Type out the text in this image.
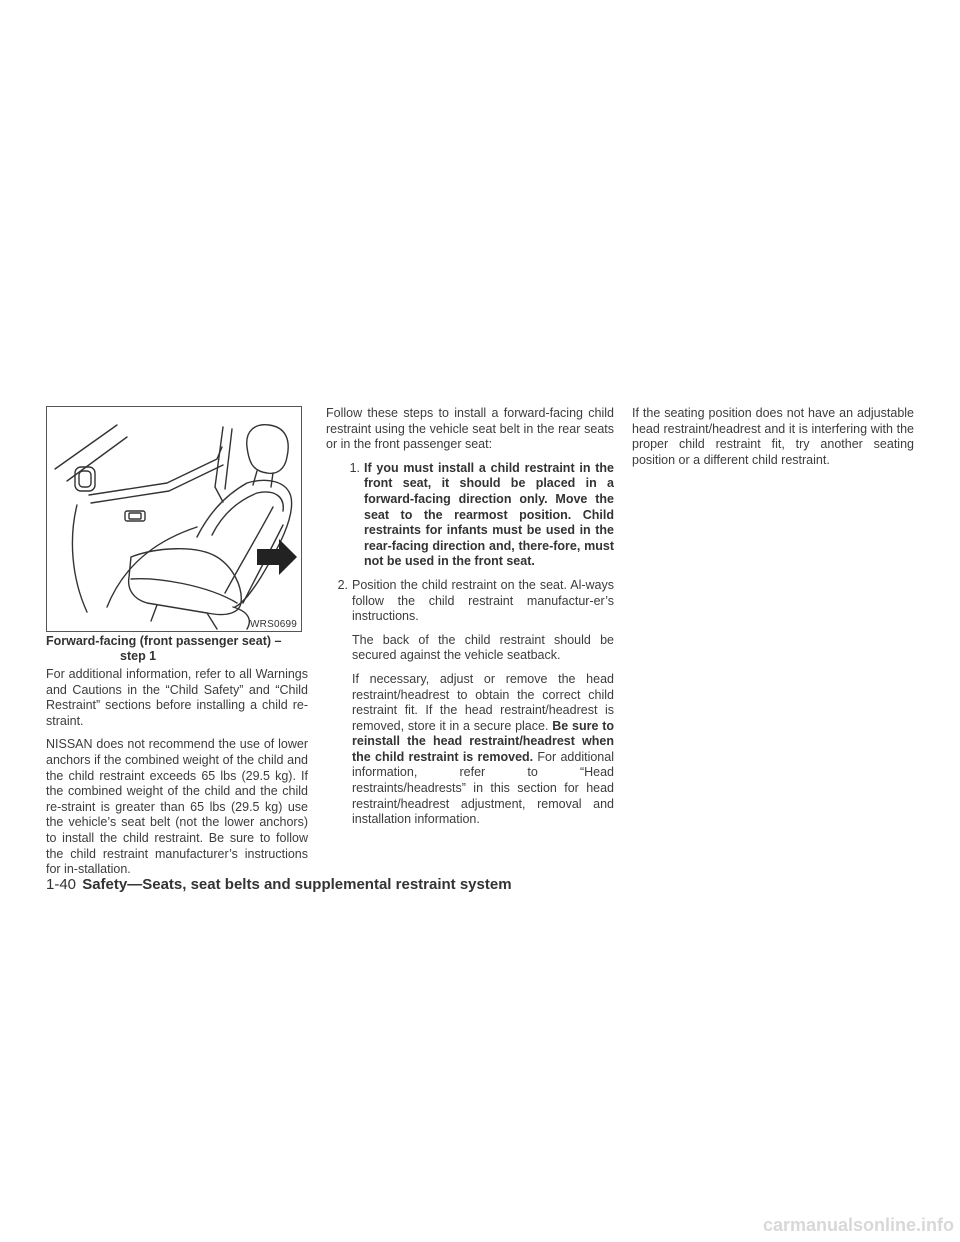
WRS0699
Forward-facing (front passenger seat) –
step 1

For additional information, refer to all Warnings and Cautions in the “Child Safety” and “Child Restraint” sections before installing a child re-straint.

NISSAN does not recommend the use of lower anchors if the combined weight of the child and the child restraint exceeds 65 lbs (29.5 kg). If the combined weight of the child and the child re-straint is greater than 65 lbs (29.5 kg) use the vehicle’s seat belt (not the lower anchors) to install the child restraint. Be sure to follow the child restraint manufacturer’s instructions for in-stallation.

Follow these steps to install a forward-facing child restraint using the vehicle seat belt in the rear seats or in the front passenger seat:

1. If you must install a child restraint in the front seat, it should be placed in a forward-facing direction only. Move the seat to the rearmost position. Child restraints for infants must be used in the rear-facing direction and, there-fore, must not be used in the front seat.
2. Position the child restraint on the seat. Al-ways follow the child restraint manufactur-er’s instructions.

The back of the child restraint should be secured against the vehicle seatback.

If necessary, adjust or remove the head restraint/headrest to obtain the correct child restraint fit. If the head restraint/headrest is removed, store it in a secure place. Be sure to reinstall the head restraint/headrest when the child restraint is removed. For additional information, refer to “Head restraints/headrests” in this section for head restraint/headrest adjustment, removal and installation information.

If the seating position does not have an adjustable head restraint/headrest and it is interfering with the proper child restraint fit, try another seating position or a different child restraint.

1-40 Safety—Seats, seat belts and supplemental restraint system
carmanualsonline.info
